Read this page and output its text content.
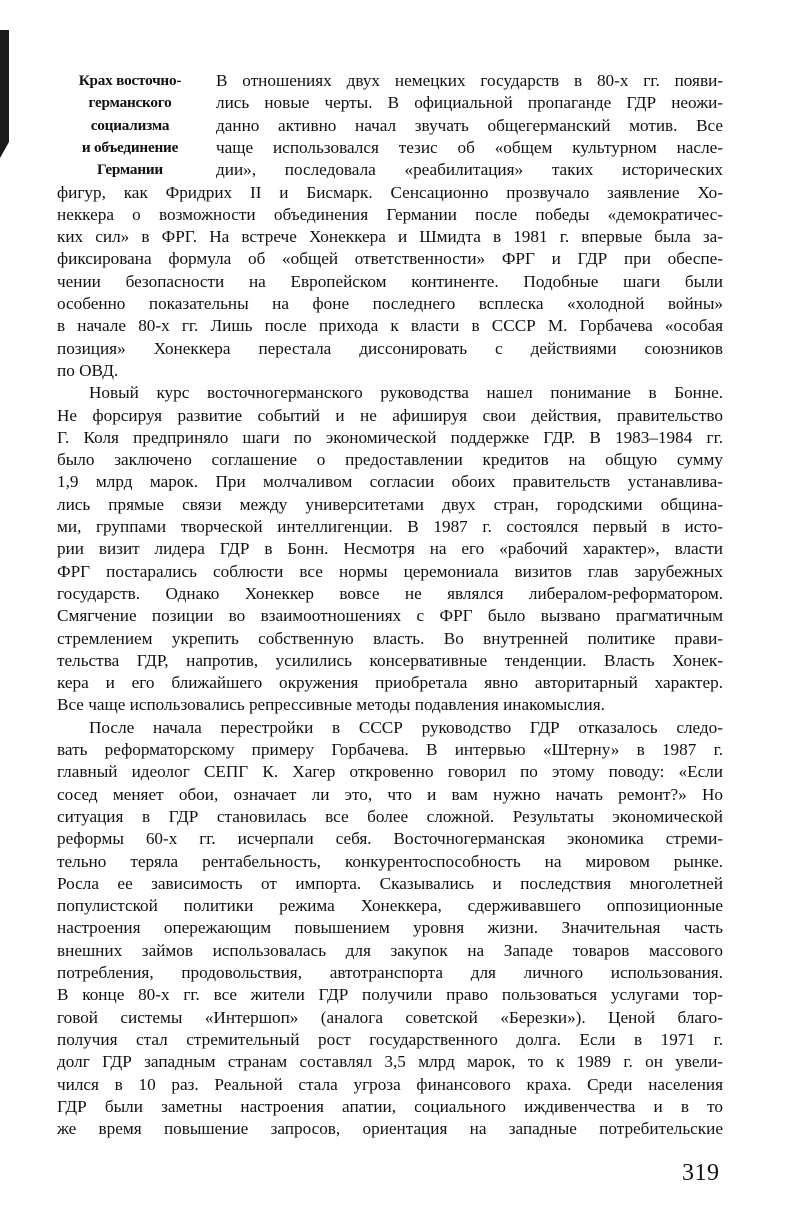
Крах восточно-
германского
социализма
и объединение
Германии
В отношениях двух немецких государств в 80-х гг. появи-
лись новые черты. В официальной пропаганде ГДР неожи-
данно активно начал звучать общегерманский мотив. Все
чаще использовался тезис об «общем культурном насле-
дии», последовала «реабилитация» таких исторических
фигур, как Фридрих II и Бисмарк. Сенсационно прозвучало заявление Хо-
неккера о возможности объединения Германии после победы «демократичес-
ких сил» в ФРГ. На встрече Хонеккера и Шмидта в 1981 г. впервые была за-
фиксирована формула об «общей ответственности» ФРГ и ГДР при обеспе-
чении безопасности на Европейском континенте. Подобные шаги были
особенно показательны на фоне последнего всплеска «холодной войны»
в начале 80-х гг. Лишь после прихода к власти в СССР М. Горбачева «особая
позиция» Хонеккера перестала диссонировать с действиями союзников
по ОВД.
Новый курс восточногерманского руководства нашел понимание в Бонне.
Не форсируя развитие событий и не афишируя свои действия, правительство
Г. Коля предприняло шаги по экономической поддержке ГДР. В 1983–1984 гг.
было заключено соглашение о предоставлении кредитов на общую сумму
1,9 млрд марок. При молчаливом согласии обоих правительств устанавлива-
лись прямые связи между университетами двух стран, городскими община-
ми, группами творческой интеллигенции. В 1987 г. состоялся первый в исто-
рии визит лидера ГДР в Бонн. Несмотря на его «рабочий характер», власти
ФРГ постарались соблюсти все нормы церемониала визитов глав зарубежных
государств. Однако Хонеккер вовсе не являлся либералом-реформатором.
Смягчение позиции во взаимоотношениях с ФРГ было вызвано прагматичным
стремлением укрепить собственную власть. Во внутренней политике прави-
тельства ГДР, напротив, усилились консервативные тенденции. Власть Хонек-
кера и его ближайшего окружения приобретала явно авторитарный характер.
Все чаще использовались репрессивные методы подавления инакомыслия.
После начала перестройки в СССР руководство ГДР отказалось следо-
вать реформаторскому примеру Горбачева. В интервью «Штерну» в 1987 г.
главный идеолог СЕПГ К. Хагер откровенно говорил по этому поводу: «Если
сосед меняет обои, означает ли это, что и вам нужно начать ремонт?» Но
ситуация в ГДР становилась все более сложной. Результаты экономической
реформы 60-х гг. исчерпали себя. Восточногерманская экономика стреми-
тельно теряла рентабельность, конкурентоспособность на мировом рынке.
Росла ее зависимость от импорта. Сказывались и последствия многолетней
популистской политики режима Хонеккера, сдерживавшего оппозиционные
настроения опережающим повышением уровня жизни. Значительная часть
внешних займов использовалась для закупок на Западе товаров массового
потребления, продовольствия, автотранспорта для личного использования.
В конце 80-х гг. все жители ГДР получили право пользоваться услугами тор-
говой системы «Интершоп» (аналога советской «Березки»). Ценой благо-
получия стал стремительный рост государственного долга. Если в 1971 г.
долг ГДР западным странам составлял 3,5 млрд марок, то к 1989 г. он увели-
чился в 10 раз. Реальной стала угроза финансового краха. Среди населения
ГДР были заметны настроения апатии, социального иждивенчества и в то
же время повышение запросов, ориентация на западные потребительские
319
